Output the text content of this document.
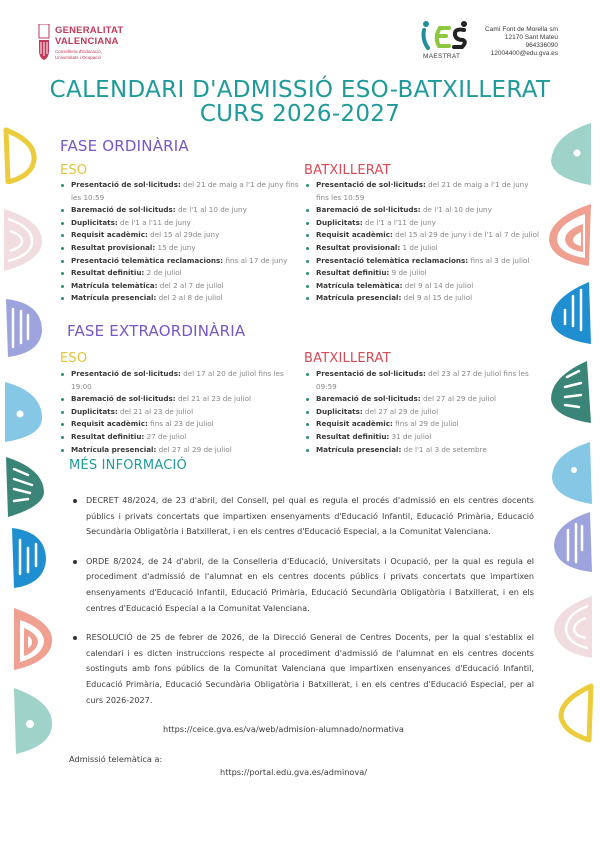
GENERALITAT
VALENCIANA
Conselleria d'Educació,
Universitats i Ocupació	MAESTRAT
Camí Font de Morella s/n
12170 Sant Mateu
964336090
12004400@edu.gva.es
CALENDARI D'ADMISSIÓ ESO-BATXILLERAT
CURS 2026-2027
FASE ORDINÀRIA
ESO
Presentació de sol·licituds: del 21 de maig a l'1 de juny fins les 10:59
Baremació de sol·licituds: de l'1 al 10 de juny
Duplicitats: de l'1 a l'11 de juny
Requisit acadèmic: del 15 al 29de juny
Resultat provisional: 15 de juny
Presentació telemàtica reclamacions: fins al 17 de juny
Resultat definitiu: 2 de juliol
Matrícula telemàtica: del 2 al 7 de juliol
Matrícula presencial: del 2 al 8 de juliol
BATXILLERAT
Presentació de sol·licituds: del 21 de maig a l'1 de juny fins les 10:59
Baremació de sol·licituds: de l'1 al 10 de juny
Duplicitats: de l'1 a l'11 de juny
Requisit acadèmic: del 15 al 29 de juny i de l'1 al 7 de juliol
Resultat provisional: 1 de juliol
Presentació telemàtica reclamacions: fins al 3 de juliol
Resultat definitiu: 9 de juliol
Matrícula telemàtica: del 9 al 14 de juliol
Matrícula presencial: del 9 al 15 de juliol
FASE EXTRAORDINÀRIA
ESO
Presentació de sol·licituds: del 17 al 20 de juliol fins les 19:00
Baremació de sol·licituds: del 21 al 23 de juliol
Duplicitats: del 21 al 23 de juliol
Requisit acadèmic: fins al 23 de juliol
Resultat definitiu: 27 de juliol
Matrícula presencial: del 27 al 29 de juliol
BATXILLERAT
Presentació de sol·licituds: del 23 al 27 de juliol fins les 09:59
Baremació de sol·licituds: del 27 al 29 de juliol
Duplicitats: del 27 al 29 de juliol
Requisit acadèmic: fins al 29 de juliol
Resultat definitiu: 31 de juliol
Matrícula presencial: de l'1 al 3 de setembre
MÉS INFORMACIÓ
DECRET 48/2024, de 23 d'abril, del Consell, pel qual es regula el procés d'admissió en els centres docents públics i privats concertats que impartixen ensenyaments d'Educació Infantil, Educació Primària, Educació Secundària Obligatòria i Batxillerat, i en els centres d'Educació Especial, a la Comunitat Valenciana.
ORDE 8/2024, de 24 d'abril, de la Conselleria d'Educació, Universitats i Ocupació, per la qual es regula el procediment d'admissió de l'alumnat en els centres docents públics i privats concertats que impartixen ensenyaments d'Educació Infantil, Educació Primària, Educació Secundària Obligatòria i Batxillerat, i en els centres d'Educació Especial a la Comunitat Valenciana.
RESOLUCIÓ de 25 de febrer de 2026, de la Direcció General de Centres Docents, per la qual s'establix el calendari i es dicten instruccions respecte al procediment d'admissió de l'alumnat en els centres docents sostinguts amb fons públics de la Comunitat Valenciana que impartixen ensenyances d'Educació Infantil, Educació Primària, Educació Secundària Obligatòria i Batxillerat, i en els centres d'Educació Especial, per al curs 2026-2027.
https://ceice.gva.es/va/web/admision-alumnado/normativa
Admissió telemàtica a:
https://portal.edu.gva.es/adminova/
